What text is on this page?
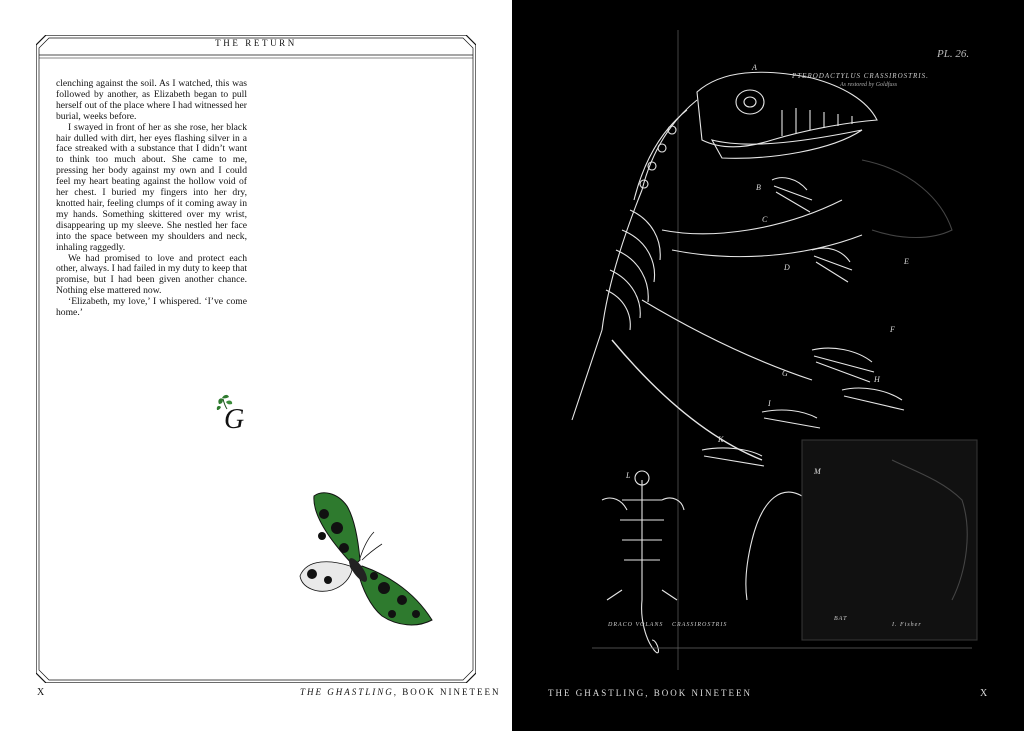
THE RETURN

clenching against the soil. As I watched, this was followed by another, as Elizabeth began to pull herself out of the place where I had witnessed her burial, weeks before.

I swayed in front of her as she rose, her black hair dulled with dirt, her eyes flashing silver in a face streaked with a substance that I didn’t want to think too much about. She came to me, pressing her body against my own and I could feel my heart beating against the hollow void of her chest. I buried my fingers into her dry, knotted hair, feeling clumps of it coming away in my hands. Something skittered over my wrist, disappearing up my sleeve. She nestled her face into the space between my shoulders and neck, inhaling raggedly.

We had promised to love and protect each other, always. I had failed in my duty to keep that promise, but I had been given another chance. Nothing else mattered now.

‘Elizabeth, my love,’ I whispered. ‘I’ve come home.’

G
X	THE GHASTLING, BOOK NINETEEN
A
B
C
D
E
F
G
H
I
K
L	M
DRACO VOLANS CRASSIROSTRIS
BAT
I. Fisher
PL. 26.
PTERODACTYLUS CRASSIROSTRIS.
As restored by Goldfuss
THE GHASTLING, BOOK NINETEEN	X
